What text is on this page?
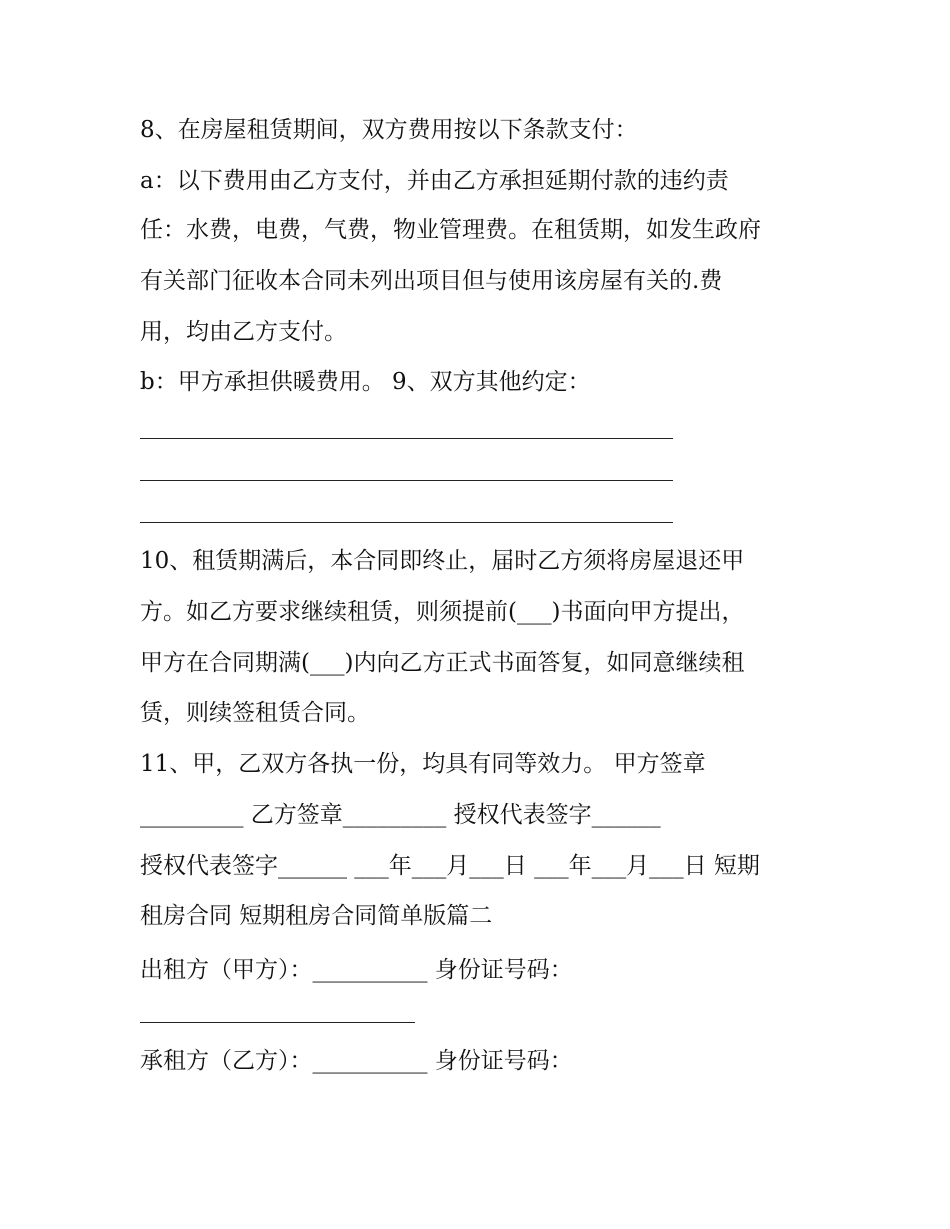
8、在房屋租赁期间，双方费用按以下条款支付：
a：以下费用由乙方支付，并由乙方承担延期付款的违约责
任：水费，电费，气费，物业管理费。在租赁期，如发生政府
有关部门征收本合同未列出项目但与使用该房屋有关的.费
用，均由乙方支付。
b：甲方承担供暖费用。 9、双方其他约定：
10、租赁期满后，本合同即终止，届时乙方须将房屋退还甲
方。如乙方要求继续租赁，则须提前(___)书面向甲方提出，
甲方在合同期满(___)内向乙方正式书面答复，如同意继续租
赁，则续签租赁合同。
11、甲，乙双方各执一份，均具有同等效力。 甲方签章
_________ 乙方签章_________ 授权代表签字______
授权代表签字______ ___年___月___日 ___年___月___日 短期
租房合同 短期租房合同简单版篇二
出租方（甲方）：__________ 身份证号码：
承租方（乙方）：__________ 身份证号码：
